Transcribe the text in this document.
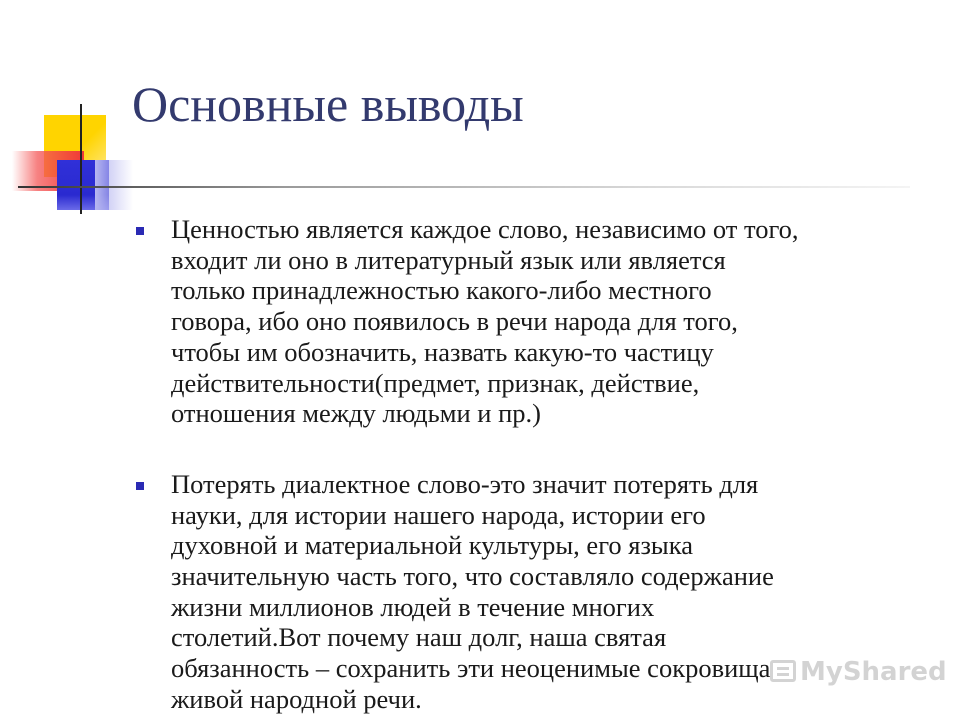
Основные выводы
Ценностью является каждое слово, независимо от того,
входит ли оно в литературный язык или является
только принадлежностью какого-либо местного
говора, ибо оно появилось в речи народа для того,
чтобы им обозначить, назвать какую-то частицу
действительности(предмет, признак, действие,
отношения между людьми и пр.)
Потерять диалектное слово-это значит потерять для
науки, для истории нашего народа, истории его
духовной и материальной культуры, его языка
значительную часть того, что составляло содержание
жизни миллионов людей в течение многих
столетий.Вот почему наш долг, наша святая
обязанность – сохранить эти неоценимые сокровища
живой народной речи.
MyShared
